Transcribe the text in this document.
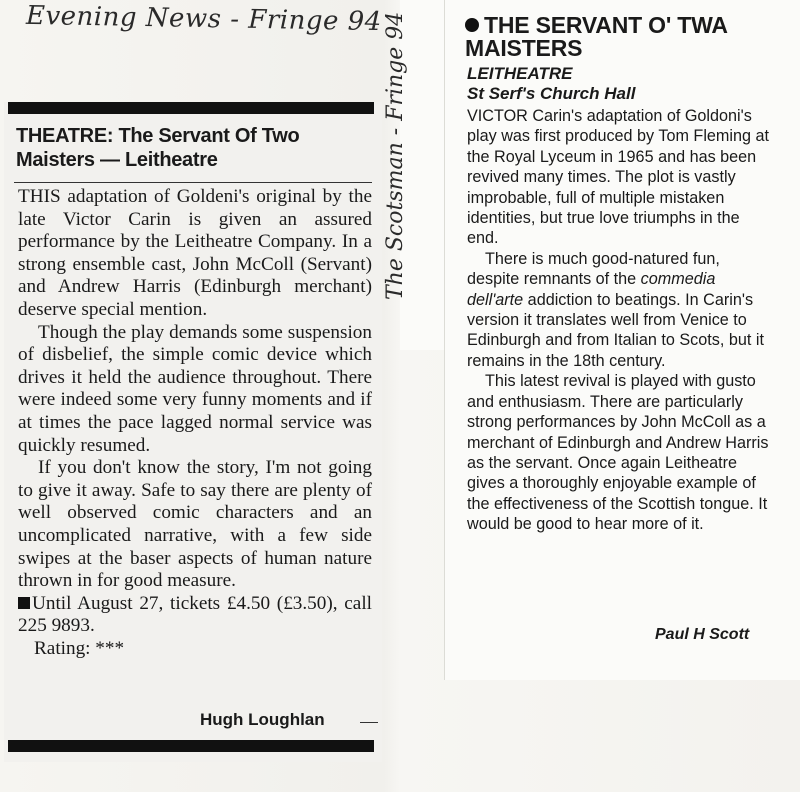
Evening News - Fringe 94
THEATRE: The Servant Of Two Maisters — Leitheatre

THIS adaptation of Goldeni's original by the late Victor Carin is given an assured performance by the Leitheatre Company. In a strong ensemble cast, John McColl (Servant) and Andrew Harris (Edinburgh merchant) deserve special mention.

Though the play demands some suspension of disbelief, the simple comic device which drives it held the audience throughout. There were indeed some very funny moments and if at times the pace lagged normal service was quickly resumed.

If you don't know the story, I'm not going to give it away. Safe to say there are plenty of well observed comic characters and an uncomplicated narrative, with a few side swipes at the baser aspects of human nature thrown in for good measure.

Until August 27, tickets £4.50 (£3.50), call 225 9893.

Rating: ***

Hugh Loughlan
The Scotsman - Fringe 94	THE SERVANT O' TWA MAISTERS
LEITHEATRE
St Serf's Church Hall

VICTOR Carin's adaptation of Goldoni's play was first produced by Tom Fleming at the Royal Lyceum in 1965 and has been revived many times. The plot is vastly improbable, full of multiple mistaken identities, but true love triumphs in the end.

There is much good-natured fun, despite remnants of the commedia dell'arte addiction to beatings. In Carin's version it translates well from Venice to Edinburgh and from Italian to Scots, but it remains in the 18th century.

This latest revival is played with gusto and enthusiasm. There are particularly strong performances by John McColl as a merchant of Edinburgh and Andrew Harris as the servant. Once again Leitheatre gives a thoroughly enjoyable example of the effectiveness of the Scottish tongue. It would be good to hear more of it.

Paul H Scott
